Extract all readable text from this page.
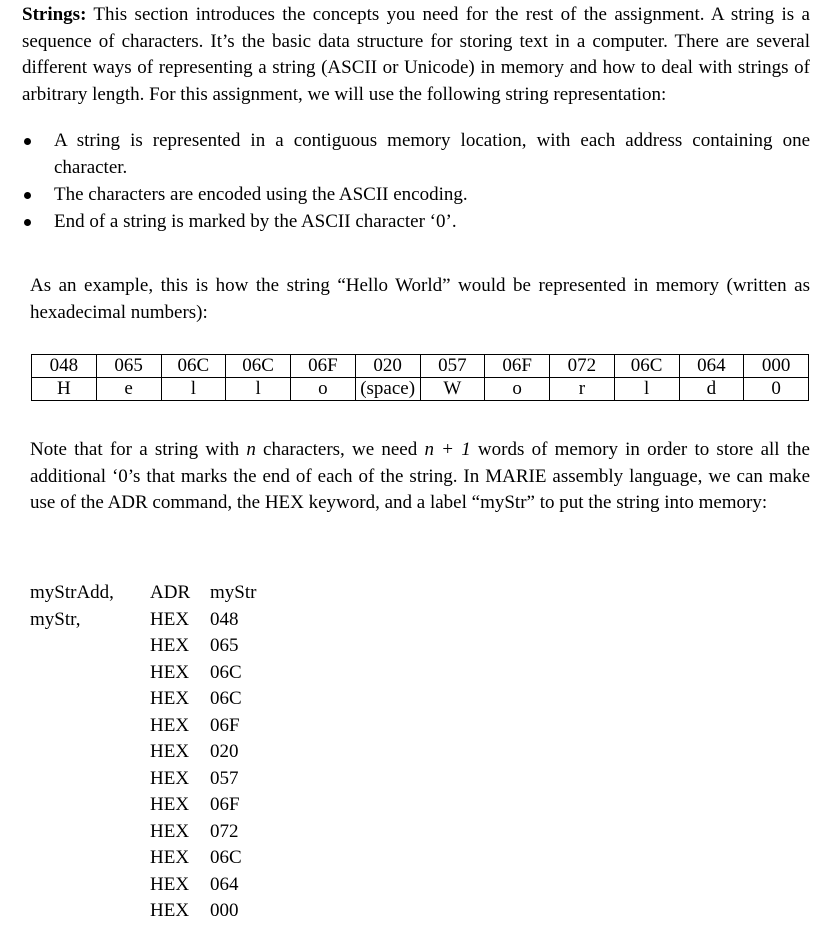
Strings: This section introduces the concepts you need for the rest of the assignment. A string is a sequence of characters. It’s the basic data structure for storing text in a computer. There are several different ways of representing a string (ASCII or Unicode) in memory and how to deal with strings of arbitrary length. For this assignment, we will use the following string representation:

A string is represented in a contiguous memory location, with each address containing one character.
The characters are encoded using the ASCII encoding.
End of a string is marked by the ASCII character ‘0’.

As an example, this is how the string “Hello World” would be represented in memory (written as hexadecimal numbers):

048	065	06C	06C	06F	020	057	06F	072	06C	064	000
H	e	l	l	o	(space)	W	o	r	l	d	0

Note that for a string with n characters, we need n + 1 words of memory in order to store all the additional ‘0’s that marks the end of each of the string. In MARIE assembly language, we can make use of the ADR command, the HEX keyword, and a label “myStr” to put the string into memory:

myStrAdd, ADR myStr
myStr,	HEX 048
HEX 065
HEX 06C
HEX 06C
HEX 06F
HEX 020
HEX 057
HEX 06F
HEX 072
HEX 06C
HEX 064
HEX 000
